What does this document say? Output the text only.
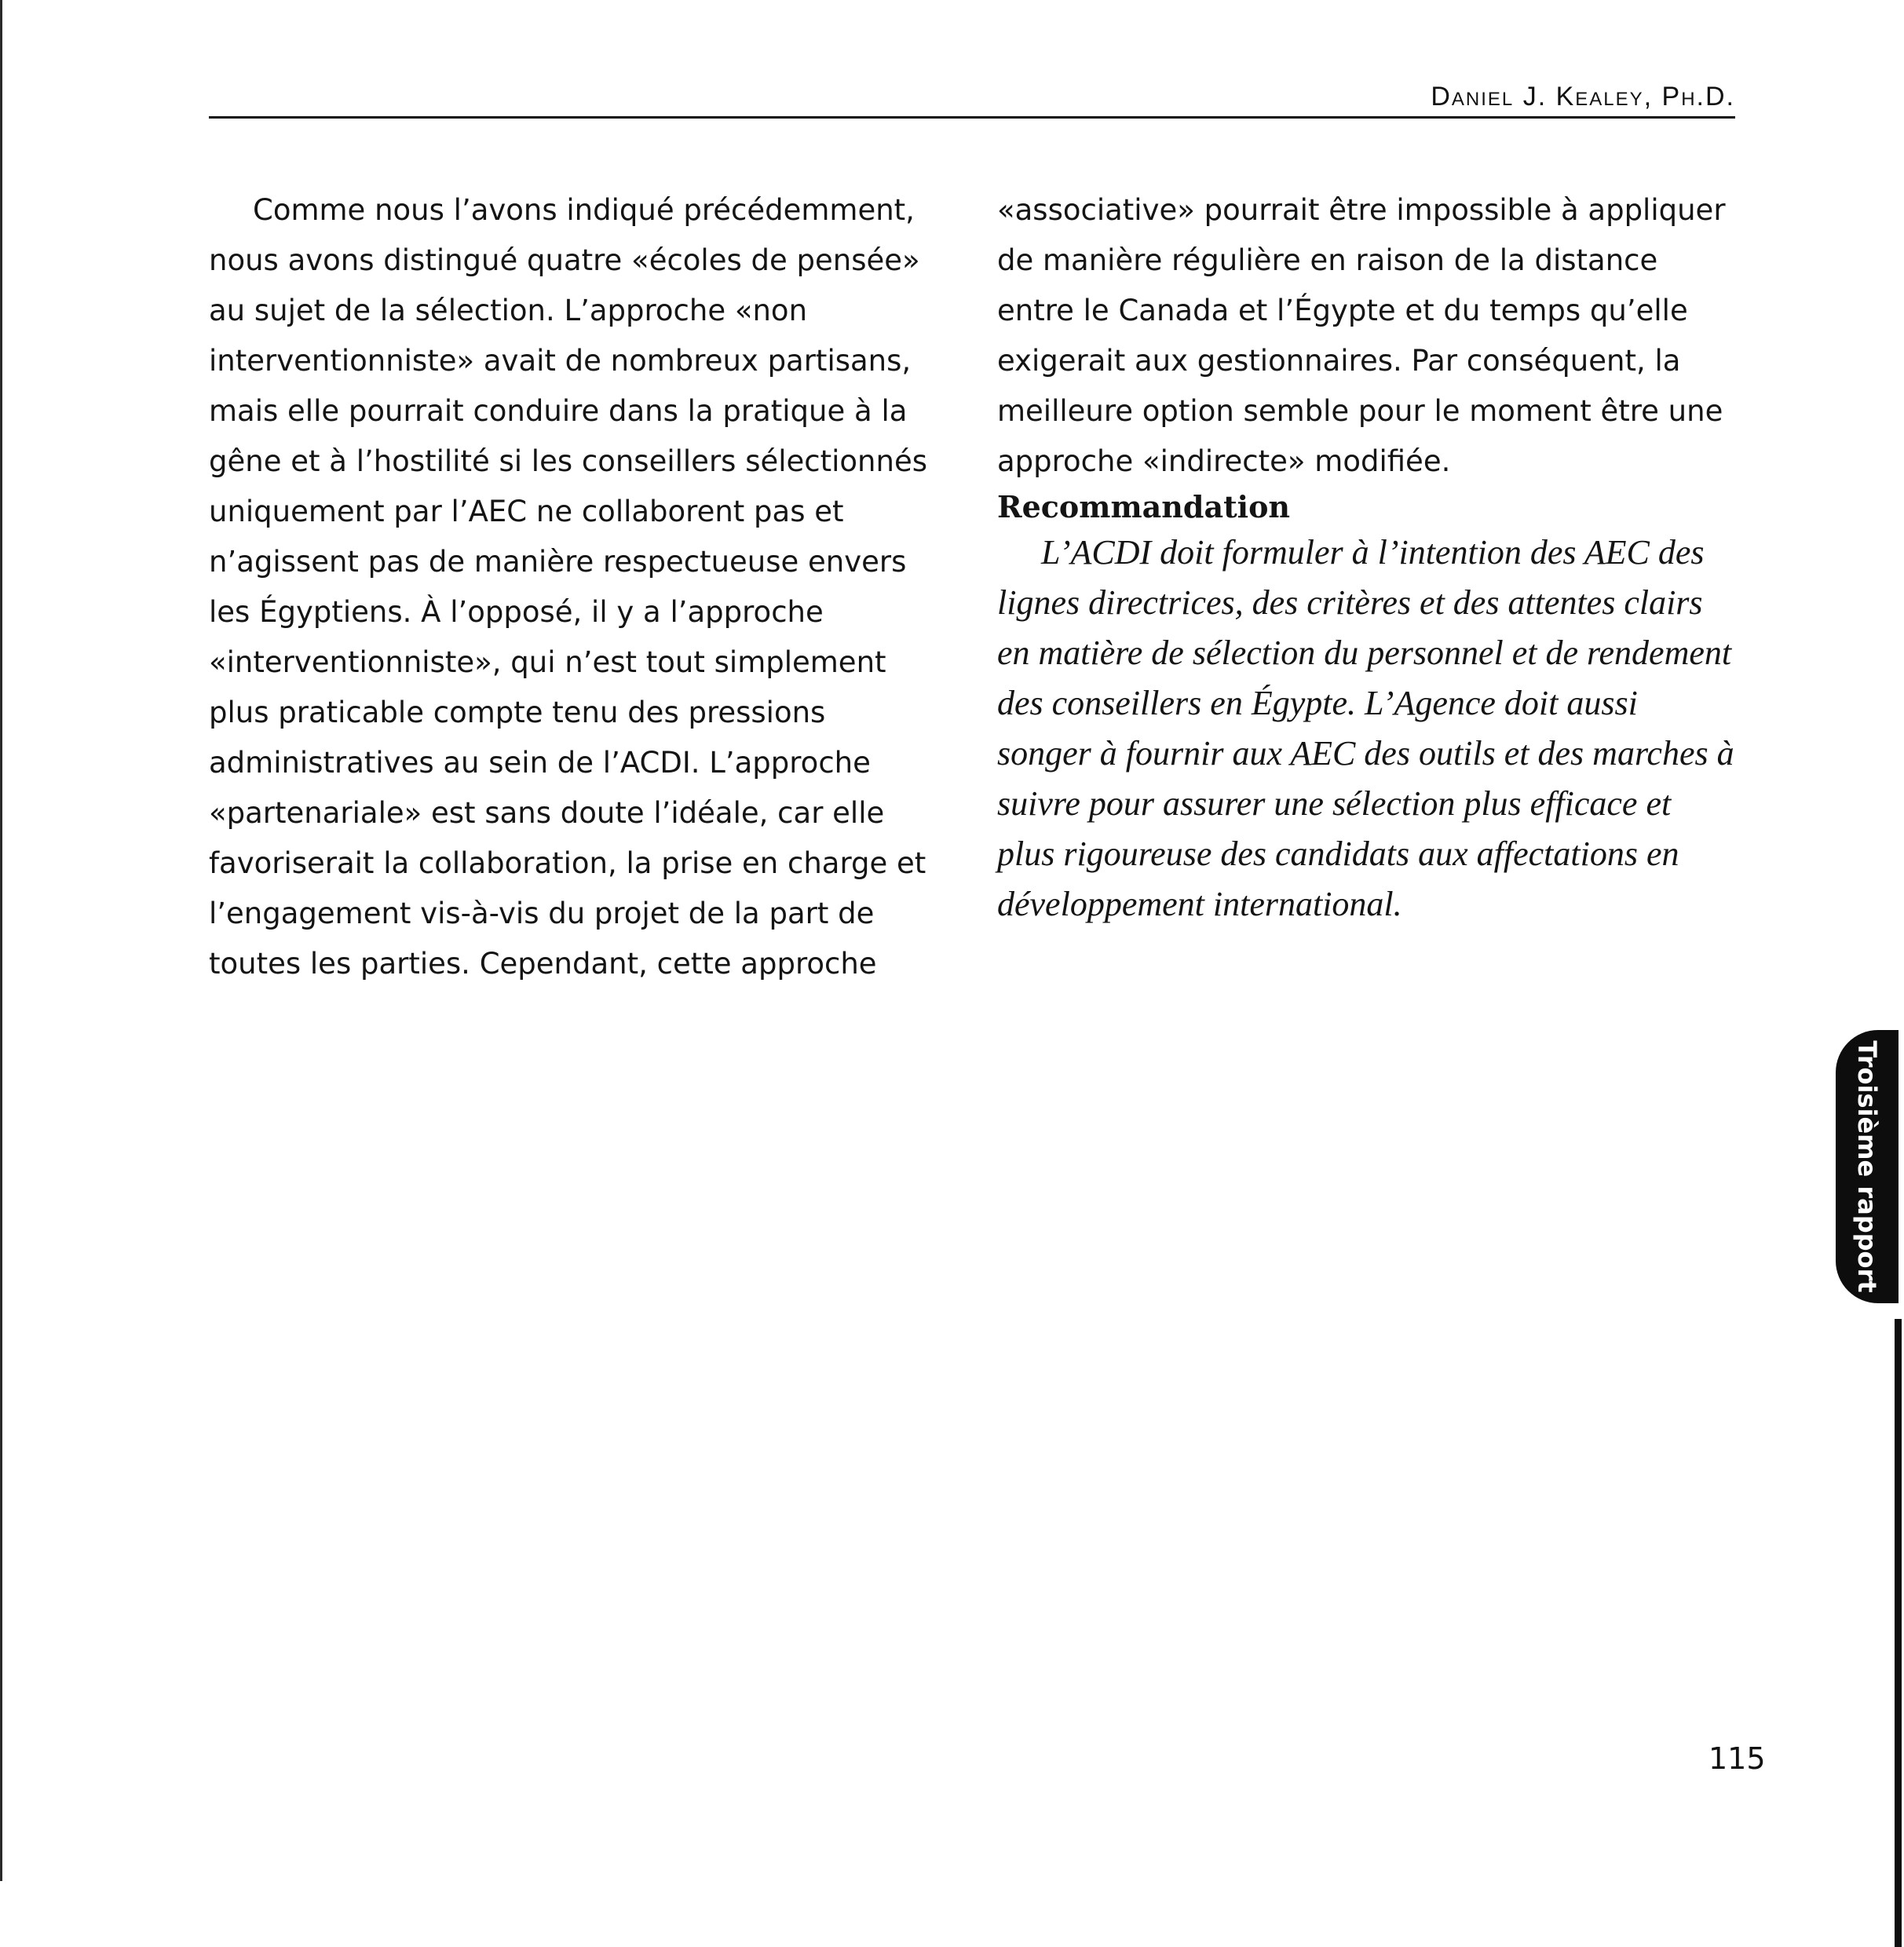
Daniel J. Kealey, Ph.D.

Comme nous l’avons indiqué précédemment, nous avons distingué quatre «écoles de pensée» au sujet de la sélection. L’approche «non interventionniste» avait de nombreux partisans, mais elle pourrait conduire dans la pratique à la gêne et à l’hostilité si les conseillers sélectionnés uniquement par l’AEC ne collaborent pas et n’agissent pas de manière respectueuse envers les Égyptiens. À l’opposé, il y a l’approche «interventionniste», qui n’est tout simplement plus praticable compte tenu des pressions administratives au sein de l’ACDI. L’approche «partenariale» est sans doute l’idéale, car elle favoriserait la collaboration, la prise en charge et l’engagement vis-à-vis du projet de la part de toutes les parties. Cependant, cette approche

«associative» pourrait être impossible à appliquer de manière régulière en raison de la distance entre le Canada et l’Égypte et du temps qu’elle exigerait aux gestionnaires. Par conséquent, la meilleure option semble pour le moment être une approche «indirecte» modifiée.

Recommandation

L’ACDI doit formuler à l’intention des AEC des lignes directrices, des critères et des attentes clairs en matière de sélection du personnel et de rendement des conseillers en Égypte. L’Agence doit aussi songer à fournir aux AEC des outils et des marches à suivre pour assurer une sélection plus efficace et plus rigoureuse des candidats aux affectations en développement international.

Troisième rapport
115
